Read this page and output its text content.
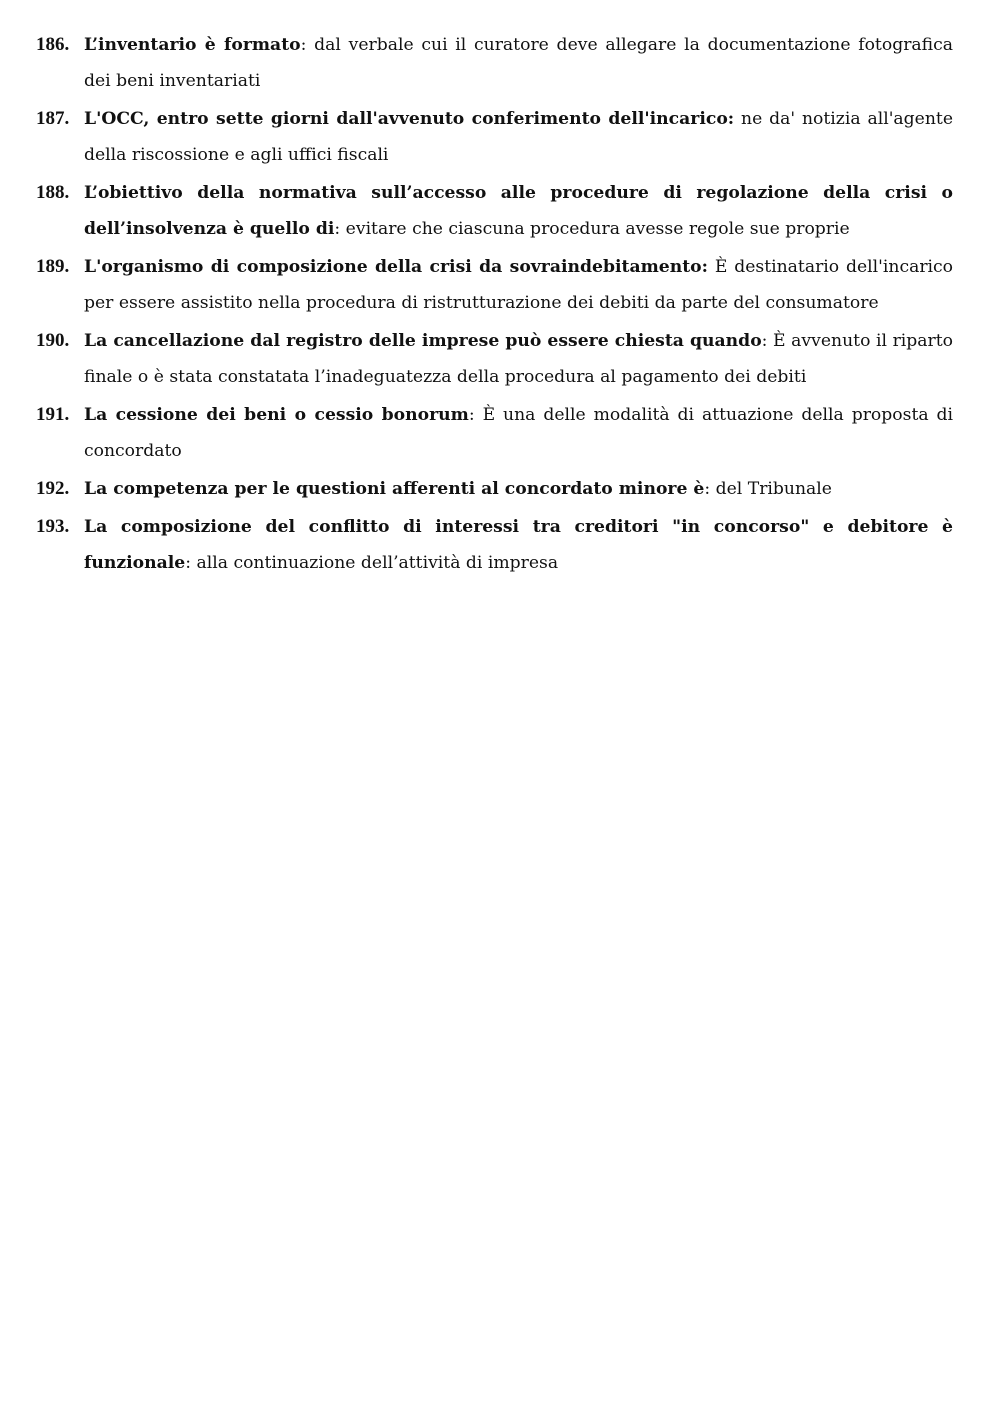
186. L’inventario è formato: dal verbale cui il curatore deve allegare la documentazione fotografica dei beni inventariati
187. L'OCC, entro sette giorni dall'avvenuto conferimento dell'incarico: ne da' notizia all'agente della riscossione e agli uffici fiscali
188. L’obiettivo della normativa sull’accesso alle procedure di regolazione della crisi o dell’insolvenza è quello di: evitare che ciascuna procedura avesse regole sue proprie
189. L'organismo di composizione della crisi da sovraindebitamento: È destinatario dell'incarico per essere assistito nella procedura di ristrutturazione dei debiti da parte del consumatore
190. La cancellazione dal registro delle imprese può essere chiesta quando: È avvenuto il riparto finale o è stata constatata l’inadeguatezza della procedura al pagamento dei debiti
191. La cessione dei beni o cessio bonorum: È una delle modalità di attuazione della proposta di concordato
192. La competenza per le questioni afferenti al concordato minore è: del Tribunale
193. La composizione del conflitto di interessi tra creditori "in concorso" e debitore è funzionale: alla continuazione dell’attività di impresa
